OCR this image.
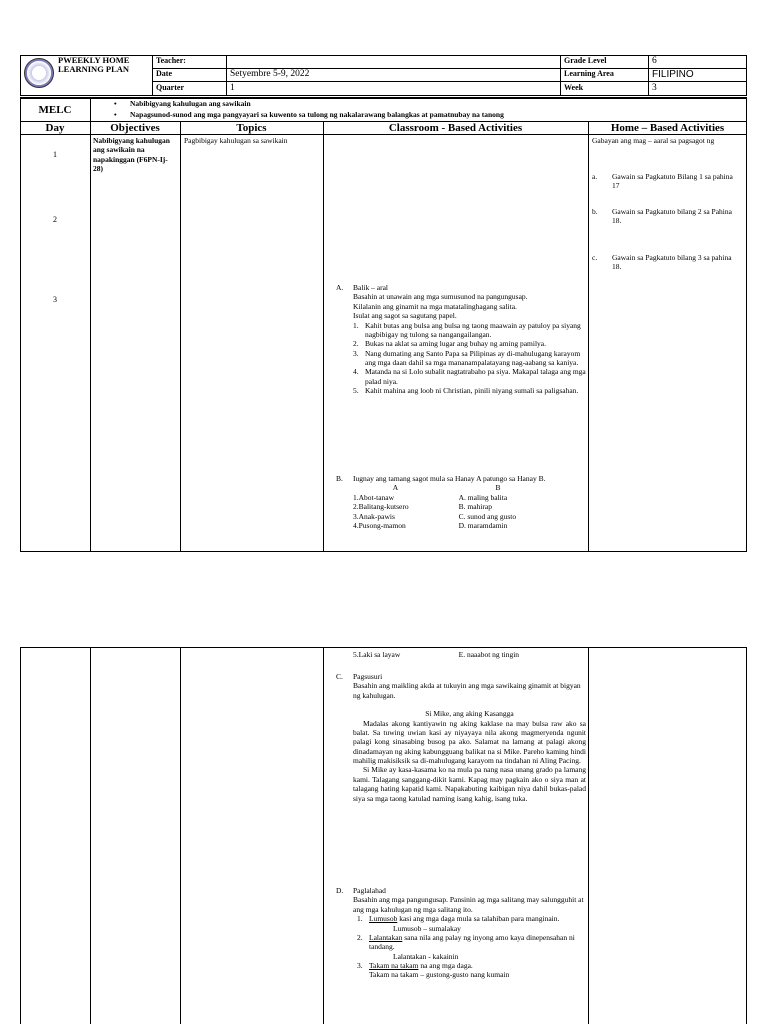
PWEEKLY HOME LEARNING PLAN
Teacher:
Date	Setyembre 5-9, 2022
Quarter	1
Grade Level	6
Learning Area	FILIPINO
Week	3
MELC
•	Nabibigyang kahulugan ang sawikain
•	Napagsunod-sunod ang mga pangyayari sa kuwento sa tulong ng nakalarawang balangkas at pamatnubay na tanong
Day	Objectives	Topics	Classroom - Based Activities	Home – Based Activities
1
2
3
Nabibigyang kahulugan ang sawikain na napakinggan (F6PN-Ij-28)
Pagbibigay kahulugan sa sawikain	Gabayan ang mag – aaral sa pagsagot ng
a.	Gawain sa Pagkatuto Bilang 1 sa pahina 17
b.	Gawain sa Pagkatuto bilang 2 sa Pahina 18.
c.	Gawain sa Pagkatuto bilang 3 sa pahina 18.
A.	Balik – aral
Basahin at unawain ang mga sumusunod na pangungusap.
Kilalanin ang ginamit na mga matatalinghagang salita.
Isulat ang sagot sa sagutang papel.
1. Kahit butas ang bulsa ang bulsa ng taong maawain ay patuloy pa siyang nagbibigay ng tulong sa nangangailangan.
2. Bukas na aklat sa aming lugar ang buhay ng aming pamilya.
3. Nang dumating ang Santo Papa sa Pilipinas ay di-mahulugang karayom ang mga daan dahil sa mga mananampalatayang nag-aabang sa kaniya.
4. Matanda na si Lolo subalit nagtatrabaho pa siya. Makapal talaga ang mga palad niya.
5. Kahit mahina ang loob ni Christian, pinili niyang sumali sa paligsahan.
B.	Iugnay ang tamang sagot mula sa Hanay A patungo sa Hanay B.
A	B
1. Abot-tanaw	A. maling balita
2. Balitang-kutsero	B. mahirap
3. Anak-pawis	C. sunod ang gusto
4. Pusong-mamon	D. maramdamin
5. Laki sa layaw	E. naaabot ng tingin
C.	Pagsusuri
Basahin ang maikling akda at tukuyin ang mga sawikaing ginamit at bigyan ng kahulugan.
Si Mike, ang aking Kasangga
Madalas akong kantiyawin ng aking kaklase na may bulsa raw ako sa balat. Sa tuwing uwian kasi ay niyayaya nila akong magmeryenda ngunit palagi kong sinasabing busog pa ako. Salamat na lamang at palagi akong dinadamayan ng aking kabungguang balikat na si Mike. Pareho kaming hindi mahilig makisiksik sa di-mahulugang karayom na tindahan ni Aling Pacing.
Si Mike ay kasa-kasama ko na mula pa nang nasa unang grado pa lamang kami. Talagang sanggang-dikit kami. Kapag may pagkain ako o siya man at talagang hating kapatid kami. Napakabuting kaibigan niya dahil bukas-palad siya sa mga taong katulad naming isang kahig, isang tuka.
D.	Paglalahad
Basahin ang mga pangungusap. Pansinin ag mga salitang may salungguhit at ang mga kahulugan ng mga salitang ito.
1. Lumusob kasi ang mga daga mula sa talahiban para manginain.
Lumusob – sumalakay
2. Lalantakan sana nila ang palay ng inyong amo kaya dinepensahan ni tandang.
Lalantakan - kakainin
3. Takam na takam na ang mga daga.
Takam na takam – gustong-gusto nang kumain
